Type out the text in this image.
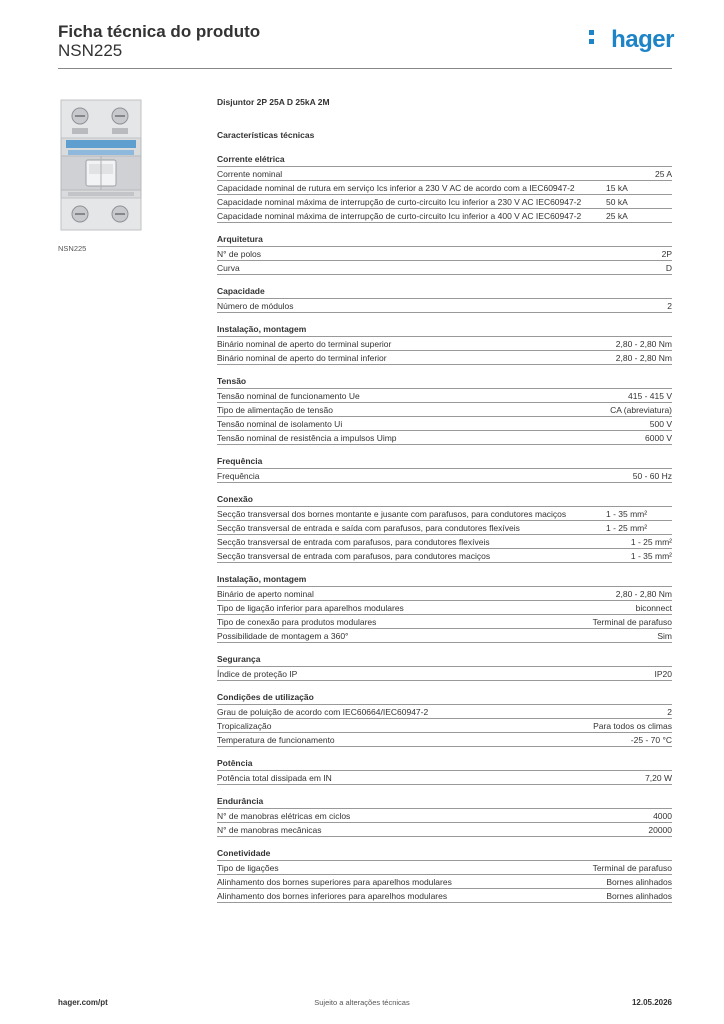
Ficha técnica do produto
NSN225	hager
NSN225
Disjuntor 2P 25A D 25kA 2M
Características técnicas
Corrente elétrica
Corrente nominal	25 A
Capacidade nominal de rutura em serviço Ics inferior a 230 V AC de acordo com a IEC60947-2	15 kA
Capacidade nominal máxima de interrupção de curto-circuito Icu inferior a 230 V AC IEC60947-2	50 kA
Capacidade nominal máxima de interrupção de curto-circuito Icu inferior a 400 V AC IEC60947-2	25 kA
Arquitetura
N° de polos	2P
Curva	D
Capacidade
Número de módulos	2
Instalação, montagem
Binário nominal de aperto do terminal superior	2,80 - 2,80 Nm
Binário nominal de aperto do terminal inferior	2,80 - 2,80 Nm
Tensão
Tensão nominal de funcionamento Ue	415 - 415 V
Tipo de alimentação de tensão	CA (abreviatura)
Tensão nominal de isolamento Ui	500 V
Tensão nominal de resistência a impulsos Uimp	6000 V
Frequência
Frequência	50 - 60 Hz
Conexão
Secção transversal dos bornes montante e jusante com parafusos, para condutores maciços	1 - 35 mm²
Secção transversal de entrada e saída com parafusos, para condutores flexíveis	1 - 25 mm²
Secção transversal de entrada com parafusos, para condutores flexíveis	1 - 25 mm²
Secção transversal de entrada com parafusos, para condutores maciços	1 - 35 mm²
Instalação, montagem
Binário de aperto nominal	2,80 - 2,80 Nm
Tipo de ligação inferior para aparelhos modulares	biconnect
Tipo de conexão para produtos modulares	Terminal de parafuso
Possibilidade de montagem a 360°	Sim
Segurança
Índice de proteção IP	IP20
Condições de utilização
Grau de poluição de acordo com IEC60664/IEC60947-2	2
Tropicalização	Para todos os climas
Temperatura de funcionamento	-25 - 70 °C
Potência
Potência total dissipada em IN	7,20 W
Endurância
N° de manobras elétricas em ciclos	4000
N° de manobras mecânicas	20000
Conetividade
Tipo de ligações	Terminal de parafuso
Alinhamento dos bornes superiores para aparelhos modulares	Bornes alinhados
Alinhamento dos bornes inferiores para aparelhos modulares	Bornes alinhados
hager.com/pt	Sujeito a alterações técnicas	12.05.2026
